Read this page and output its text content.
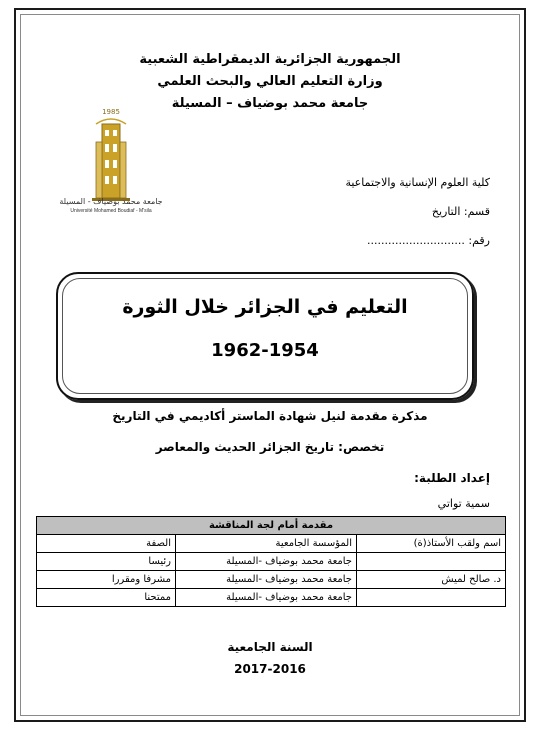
الجمهورية الجزائرية الديمقراطية الشعبية
وزارة التعليم العالي والبحث العلمي
جامعة محمد بوضياف – المسيلة
كلية العلوم الإنسانية والاجتماعية
قسم: التاريخ
رقم: ............................
مذكرة مقدمة لنيل شهادة الماستر أكاديمي في التاريخ
تخصص: تاريخ الجزائر الحديث والمعاصر
إعداد الطلبة:
سمية تواتي
السنة الجامعية
2017-2016
1985
جامعة محمد بوضياف - المسيلة
Université Mohamed Boudiaf - M'sila
التعليم في الجزائر خلال الثورة
1962-1954
مقدمة أمام لجة المناقشة		
اسم ولقب الأستاذ(ة)	المؤسسة الجامعية	الصفة
	جامعة محمد بوضياف -المسيلة	رئيسا
د. صالح لميش	جامعة محمد بوضياف -المسيلة	مشرفا ومقررا
	جامعة محمد بوضياف -المسيلة	ممتحنا
